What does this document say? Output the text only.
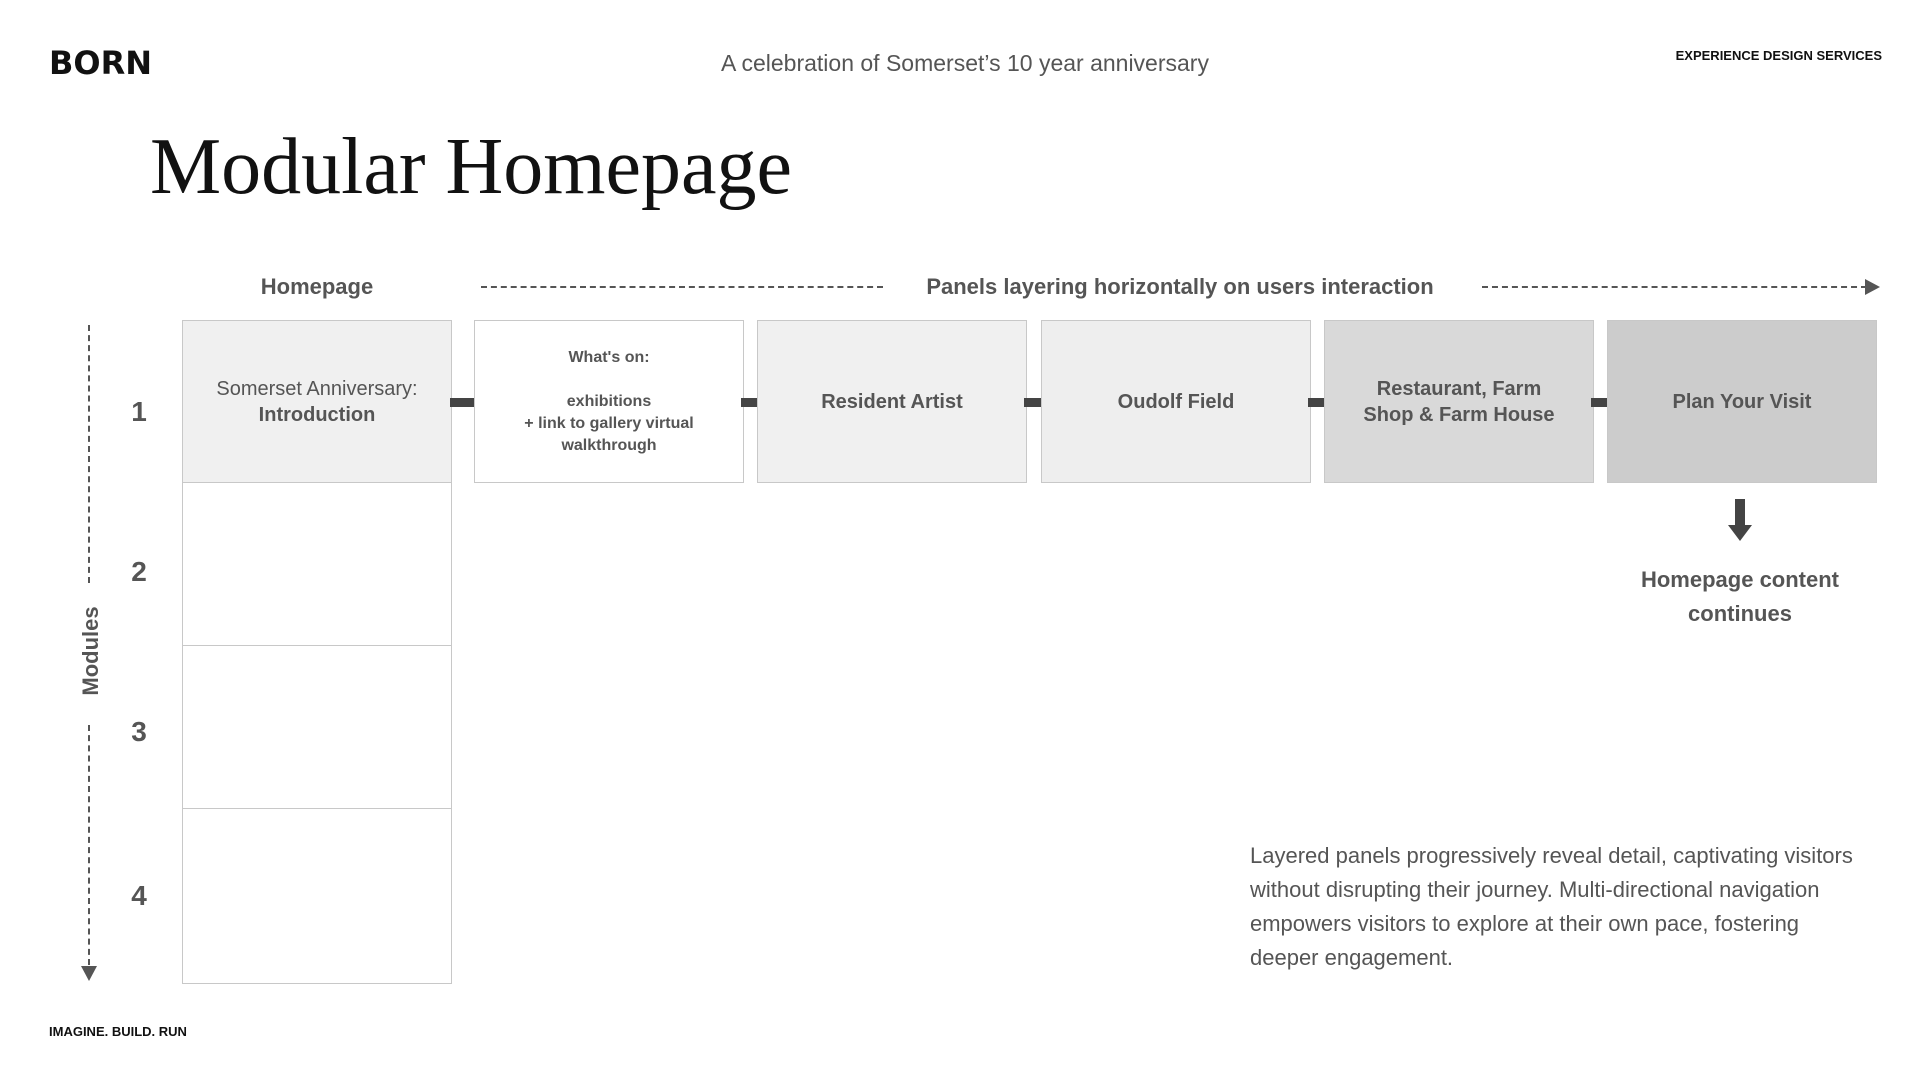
BORN	A celebration of Somerset’s 10 year anniversary	EXPERIENCE DESIGN SERVICES
Modular Homepage
Homepage	Panels layering horizontally on users interaction
Modules
1
2
3
4
Somerset Anniversary:
Introduction
What's on:
exhibitions
+ link to gallery virtual
walkthrough
Resident Artist	Oudolf Field
Restaurant, Farm
Shop & Farm House
Plan Your Visit
Homepage content
continues
Layered panels progressively reveal detail, captivating visitors without disrupting their journey. Multi-directional navigation empowers visitors to explore at their own pace, fostering deeper engagement.
IMAGINE. BUILD. RUN
